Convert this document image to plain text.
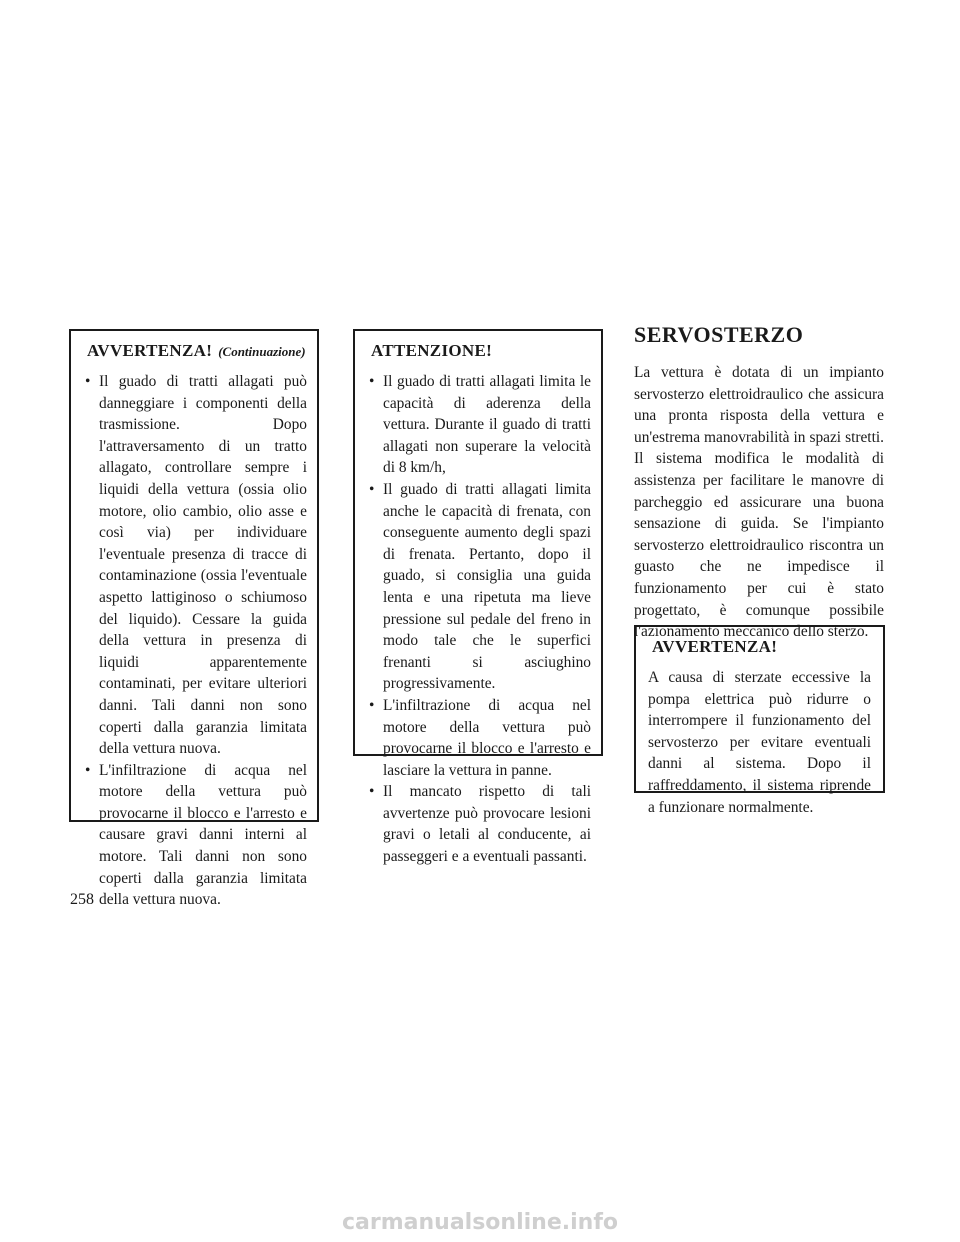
AVVERTENZA! (Continuazione)
• Il guado di tratti allagati può danneggiare i componenti della trasmissione. Dopo l'attraversamento di un tratto allagato, controllare sempre i liquidi della vettura (ossia olio motore, olio cambio, olio asse e così via) per individuare l'eventuale presenza di tracce di contaminazione (ossia l'eventuale aspetto lattiginoso o schiumoso del liquido). Cessare la guida della vettura in presenza di liquidi apparentemente contaminati, per evitare ulteriori danni. Tali danni non sono coperti dalla garanzia limitata della vettura nuova.
• L'infiltrazione di acqua nel motore della vettura può provocarne il blocco e l'arresto e causare gravi danni interni al motore. Tali danni non sono coperti dalla garanzia limitata della vettura nuova.
ATTENZIONE!
• Il guado di tratti allagati limita le capacità di aderenza della vettura. Durante il guado di tratti allagati non superare la velocità di 8 km/h,
• Il guado di tratti allagati limita anche le capacità di frenata, con conseguente aumento degli spazi di frenata. Pertanto, dopo il guado, si consiglia una guida lenta e una ripetuta ma lieve pressione sul pedale del freno in modo tale che le superfici frenanti si asciughino progressivamente.
• L'infiltrazione di acqua nel motore della vettura può provocarne il blocco e l'arresto e lasciare la vettura in panne.
• Il mancato rispetto di tali avvertenze può provocare lesioni gravi o letali al conducente, ai passeggeri e a eventuali passanti.
SERVOSTERZO
La vettura è dotata di un impianto servosterzo elettroidraulico che assicura una pronta risposta della vettura e un'estrema manovrabilità in spazi stretti. Il sistema modifica le modalità di assistenza per facilitare le manovre di parcheggio ed assicurare una buona sensazione di guida. Se l'impianto servosterzo elettroidraulico riscontra un guasto che ne impedisce il funzionamento per cui è stato progettato, è comunque possibile l'azionamento meccanico dello sterzo.
AVVERTENZA!

A causa di sterzate eccessive la pompa elettrica può ridurre o interrompere il funzionamento del servosterzo per evitare eventuali danni al sistema. Dopo il raffreddamento, il sistema riprende a funzionare normalmente.

258
carmanualsonline.info
